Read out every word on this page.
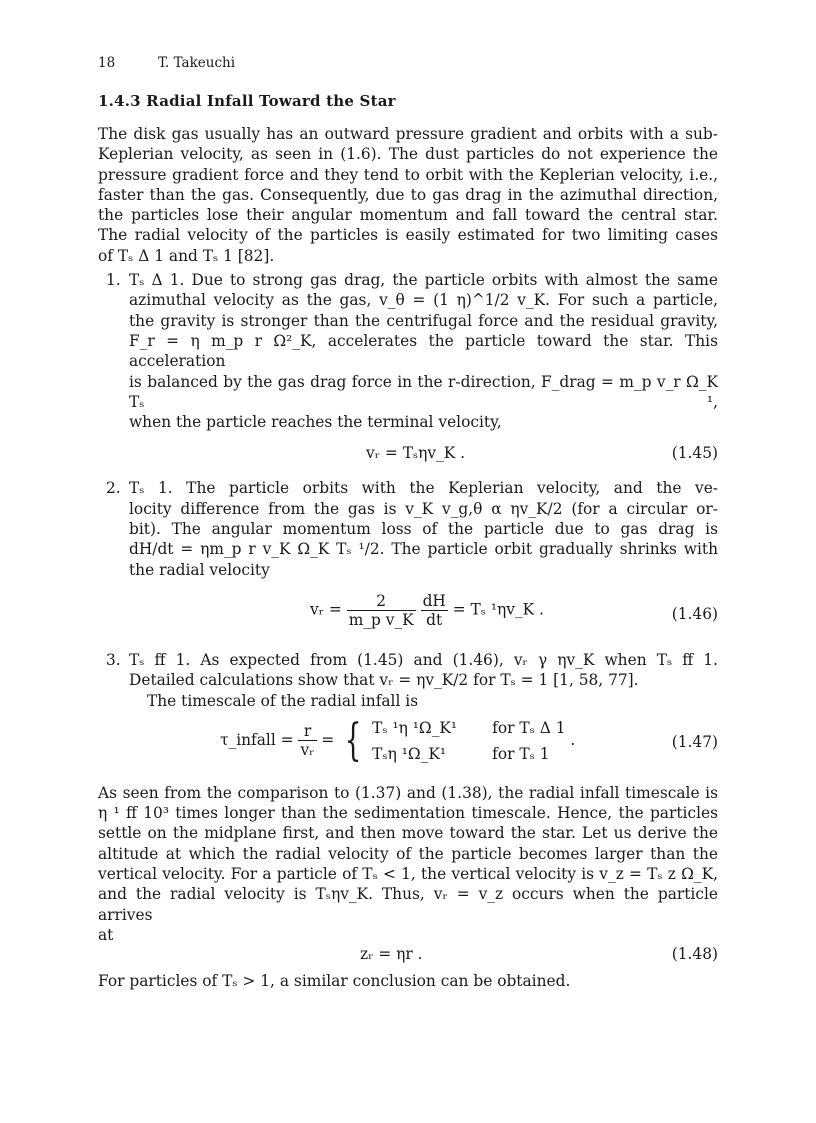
18	T. Takeuchi
1.4.3 Radial Infall Toward the Star
The disk gas usually has an outward pressure gradient and orbits with a sub-
Keplerian velocity, as seen in (1.6). The dust particles do not experience the
pressure gradient force and they tend to orbit with the Keplerian velocity, i.e.,
faster than the gas. Consequently, due to gas drag in the azimuthal direction,
the particles lose their angular momentum and fall toward the central star.
The radial velocity of the particles is easily estimated for two limiting cases
of Tₛ Δ 1 and Tₛ 1 [82].
1. Tₛ Δ 1. Due to strong gas drag, the particle orbits with almost the same
azimuthal velocity as the gas, v_θ = (1 η)^1/2 v_K. For such a particle,
the gravity is stronger than the centrifugal force and the residual gravity,
F_r = η m_p r Ω²_K, accelerates the particle toward the star. This acceleration
is balanced by the gas drag force in the r-direction, F_drag = m_p v_r Ω_K Tₛ ¹,
when the particle reaches the terminal velocity,
vᵣ = Tₛηv_K .	(1.45)
2. Tₛ 1. The particle orbits with the Keplerian velocity, and the ve-
locity difference from the gas is v_K v_g,θ α ηv_K/2 (for a circular or-
bit). The angular momentum loss of the particle due to gas drag is
dH/dt = ηm_p r v_K Ω_K Tₛ ¹/2. The particle orbit gradually shrinks with
the radial velocity
vᵣ = $\frac{2}{\text{m\_p v\_K}}$
$\frac{dH}{dt} = T_s$ ¹ηv_K .	(1.46)
3. Tₛ ff 1. As expected from (1.45) and (1.46), vᵣ γ ηv_K when Tₛ ff 1.
Detailed calculations show that vᵣ = ηv_K/2 for Tₛ = 1 [1, 58, 77].
The timescale of the radial infall is
τ_infall = $\frac{r}{\text{vᵣ}}$ = { Tₛ ¹η ¹Ω_K¹ for Tₛ Δ 1
Tₛη ¹Ω_K¹	for Tₛ 1
.	(1.47)
As seen from the comparison to (1.37) and (1.38), the radial infall timescale is
η ¹ ff 10³ times longer than the sedimentation timescale. Hence, the particles
settle on the midplane first, and then move toward the star. Let us derive the
altitude at which the radial velocity of the particle becomes larger than the
vertical velocity. For a particle of Tₛ < 1, the vertical velocity is v_z = Tₛ z Ω_K,
and the radial velocity is Tₛηv_K. Thus, vᵣ = v_z occurs when the particle arrives
at
zᵣ = ηr .	(1.48)

For particles of Tₛ > 1, a similar conclusion can be obtained.
